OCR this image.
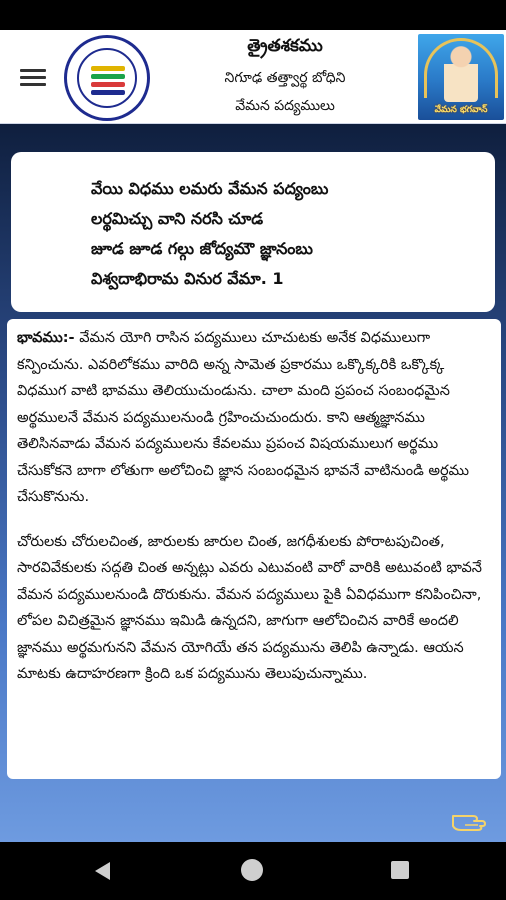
త్రైతశకము
నిగూఢ తత్త్వార్థ బోధిని
వేమన పద్యములు	వేమన భగవాన్
వేయి విధము లమరు వేమన పద్యంబు
లర్థమిచ్చు వాని నరసి చూడ
జూడ జూడ గల్గు జోద్యమౌ జ్ఞానంబు
విశ్వదాభిరామ వినుర వేమా. 1

భావము:- వేమన యోగి రాసిన పద్యములు చూచుటకు అనేక విధములుగా కన్పించును. ఎవరిలోకము వారిది అన్న సామెత ప్రకారము ఒక్కొక్కరికి ఒక్కొక్క విధముగ వాటి భావము తెలియుచుండును. చాలా మంది ప్రపంచ సంబంధమైన అర్థములనే వేమన పద్యములనుండి గ్రహించుచుందురు. కాని ఆత్మజ్ఞానము తెలిసినవాడు వేమన పద్యములను కేవలము ప్రపంచ విషయములుగ అర్థము చేసుకోకనె బాగా లోతుగా అలోచించి జ్ఞాన సంబంధమైన భావనే వాటినుండి అర్థము చేసుకొనును.

చోరులకు చోరులచింత, జారులకు జారుల చింత, జగధీశులకు పోరాటపుచింత, సారవివేకులకు సద్గతి చింత అన్నట్లు ఎవరు ఎటువంటి వారో వారికి అటువంటి భావనే వేమన పద్యములనుండి దొరుకును. వేమన పద్యములు పైకి ఏవిధముగా కనిపించినా, లోపల విచిత్రమైన జ్ఞానము ఇమిడి ఉన్నదని, జాగుగా ఆలోచించిన వారికే అందలి జ్ఞానము అర్థమగునని వేమన యోగియే తన పద్యమును తెలిపి ఉన్నాడు. ఆయన మాటకు ఉదాహరణగా క్రింది ఒక పద్యమును తెలుపుచున్నాము.
